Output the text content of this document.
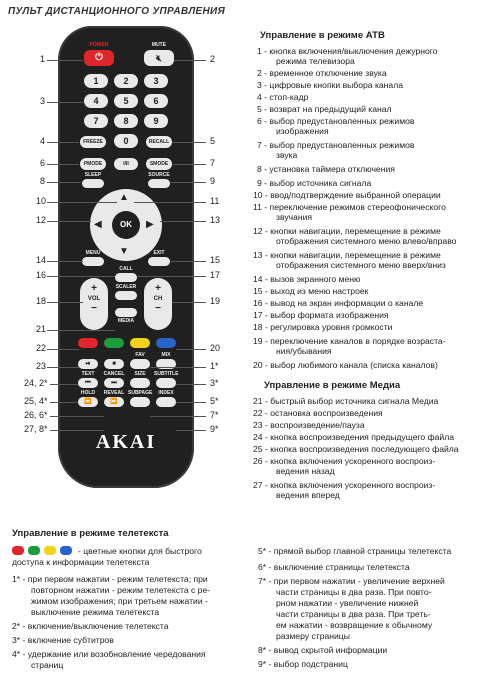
ПУЛЬТ ДИСТАНЦИОННОГО УПРАВЛЕНИЯ
POWER
⏻
MUTE
🔇︎
1	2	3
4	5	6
7	8	9
FREEZE	0	RECALL
PMODE	I/II	SMODE
SLEEP	SOURCE
▲
▼
◀	▶
OK
MENU	EXIT
CALL
+
VOL
−
+
CH
−
SCALER
MEDIA
FAV	MIX
⏯	■
TEXT	CANCEL	SIZE	SUBTITLE
⏮	⏭
HOLD	REVEAL SUBPAGE	INDEX
⏪	⏩
AKAI
1
3
4
6
8
10
12
14
16
18
21
22
23
24, 2*
25, 4*
26, 6*
27, 8*
2
5
7
9
11
13
15
17
19
20
1*
3*
5*
7*
9*
Управление в режиме АТВ
1 - кнопка включения/выключения дежурного
режима телевизора
2 - временное отключение звука
3 - цифровые кнопки выбора канала
4 - стоп-кадр
5 - возврат на предыдущий канал
6 - выбор предустановленных режимов
изображения
7 - выбор предустановленных режимов
звука
8 - установка таймера отключения
9 - выбор источника сигнала
10 - ввод/подтверждение выбранной операции
11 - переключение режимов стереофонического
звучания
12 - кнопки навигации, перемещение в режиме
отображения системного меню влево/вправо
13 - кнопки навигации, перемещение в режиме
отображения системного меню вверх/вниз
14 - вызов экранного меню
15 - выход из меню настроек
16 - вывод на экран информации о канале
17 - выбор формата изображения
18 - регулировка уровня громкости
19 - переключение каналов в порядке возраста-
ния/убывания
20 - выбор любимого канала (списка каналов)
Управление в режиме Медиа
21 - быстрый выбор источника сигнала Медиа
22 - остановка воспроизведения
23 - воспроизведение/пауза
24 - кнопка воспроизведения предыдущего файла
25 - кнопка воспроизведения последующего файла
26 - кнопка включения ускоренного воспроиз-
ведения назад
27 - кнопка включения ускоренного воспроиз-
ведения вперед
Управление в режиме телетекста
- цветные кнопки для быстрого
доступа к информации телетекста
1* - при первом нажатии - режим телетекста; при
повторном нажатии - режим телетекста с ре-
жимом изображения; при третьем нажатии -
выключение режима телетекста
2* - включение/выключение телетекста
3* - включение субтитров
4* - удержание или возобновление чередования
страниц
5* - прямой выбор главной страницы телетекста
6* - выключение страницы телетекста
7* - при первом нажатии - увеличение верхней
части страницы в два раза. При повто-
рном нажатии - увеличение нижней
части страницы в два раза. При треть-
ем нажатии - возвращение к обычному
размеру страницы
8* - вывод скрытой информации
9* - выбор подстраниц
